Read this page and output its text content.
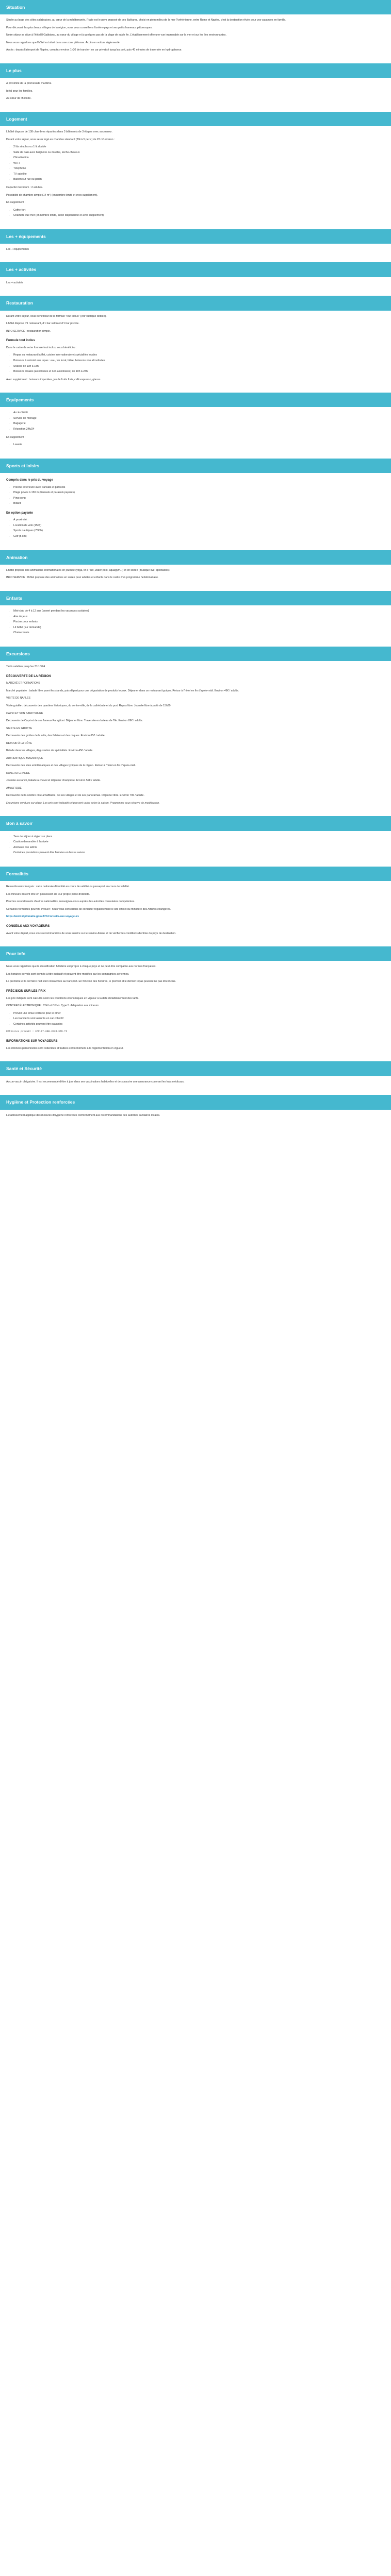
Situation

Située au large des côtes calabraises, au cœur de la méditerranée, l'Italie est le pays proposé de ces Baléares, choisi en plein milieu de la mer Tyrrhénienne, entre Rome et Naples, c'est la destination rêvée pour vos vacances en famille.

Pour découvrir les plus beaux villages de la région, nous vous conseillons l'arrière-pays et ses petits hameaux pittoresques.

Notre séjour se situe à l'hôtel Il Gabbiano, au cœur du village et à quelques pas de la plage de sable fin. L'établissement offre une vue imprenable sur la mer et sur les îles environnantes.

Nous vous rappelons que l'hôtel est situé dans une zone piétonne. Accès en voiture réglementé.

Accès : depuis l'aéroport de Naples, comptez environ 1h30 de transfert en car privatisé jusqu'au port, puis 40 minutes de traversée en hydroglisseur.

Le plus

A proximité de la promenade maritime.

Idéal pour les familles.

Au cœur de l'histoire.

Logement

L'hôtel dispose de 138 chambres réparties dans 3 bâtiments de 3 étages avec ascenseur.

Durant votre séjour, vous serez logé en chambre standard (2/4 à 5 pers.) de 22 m² environ :

• 2 lits simples ou 1 lit double
• Salle de bain avec baignoire ou douche, sèche-cheveux
• Climatisation
• Wi-Fi
• Téléphone
• TV satellite
• Balcon sur rue ou jardin

Capacité maximum : 2 adultes.

Possibilité de chambre simple (14 m²) (en nombre limité et avec supplément).

En supplément :

• Coffre-fort
• Chambre vue mer (en nombre limité, selon disponibilité et avec supplément)
Les + équipements

Les + équipements

Les + activités

Les + activités

Restauration

Durant votre séjour, vous bénéficiez de la formule "tout inclus" (voir rubrique dédiée).

L'hôtel dispose d'1 restaurant, d'1 bar salon et d'1 bar piscine.

INFO SERVICE : restauration simple.

Formule tout inclus

Dans le cadre de votre formule tout inclus, vous bénéficiez :

• Repas au restaurant buffet, cuisine internationale et spécialités locales
• Boissons à volonté aux repas : eau, vin local, bière, boissons non alcoolisées
• Snacks de 10h à 18h
• Boissons locales (alcoolisées et non alcoolisées) de 10h à 23h

Avec supplément : boissons importées, jus de fruits frais, café expresso, glaces.

Équipements
• Accès Wi-Fi
• Service de ménage
• Bagagerie
• Réception 24h/24

En supplément :

• Laverie
Sports et loisirs
Compris dans le prix du voyage
• Piscine extérieure avec transats et parasols
• Plage privée à 150 m (transats et parasols payants)
• Ping-pong
• Billard
En option payante
• À proximité :
• Location de vélo (15€/j)
• Sports nautiques (75€/h)
• Golf (5 km)
Animation

L'hôtel propose des animations internationales en journée (yoga, tir à l'arc, water-polo, aquagym...) et en soirée (musique live, spectacles).

INFO SERVICE : l'hôtel propose des animations en soirée pour adultes et enfants dans le cadre d'un programme hebdomadaire.

Enfants
• Mini-club de 4 à 12 ans (ouvert pendant les vacances scolaires)
• Aire de jeux
• Piscine pour enfants
• Lit bébé (sur demande)
• Chaise haute
Excursions

Tarifs valables jusqu'au 31/10/24

DÉCOUVERTE DE LA RÉGION

MARCHÉ ET FORMATIONS

Marché populaire : balade libre parmi les stands, puis départ pour une dégustation de produits locaux. Déjeuner dans un restaurant typique. Retour à l'hôtel en fin d'après-midi. Environ 49€ / adulte.

VISITE DE NAPLES

Visite guidée : découverte des quartiers historiques, du centre-ville, de la cathédrale et du port. Repas libre. Journée libre à partir de 15h30.

CAPRI ET SON SANCTUAIRE

Découverte de Capri et de ses fameux Faraglioni. Déjeuner libre. Traversée en bateau de l'île. Environ 89€ / adulte.

SIESTE EN GROTTE

Découverte des grottes de la côte, des falaises et des criques. Environ 65€ / adulte.

RETOUR À LA CÔTE

Balade dans les villages, dégustation de spécialités. Environ 45€ / adulte.

AUTHENTIQUE MAGNIFIQUE

Découverte des sites emblématiques et des villages typiques de la région. Retour à l'hôtel en fin d'après-midi.

RANCHO GRANDE

Journée au ranch, balade à cheval et déjeuner champêtre. Environ 59€ / adulte.

AMALFIQUE

Découverte de la célèbre côte amalfitaine, de ses villages et de ses panoramas. Déjeuner libre. Environ 79€ / adulte.

Excursions vendues sur place. Les prix sont indicatifs et peuvent varier selon la saison. Programme sous réserve de modification.

Bon à savoir
• Taxe de séjour à régler sur place
• Caution demandée à l'arrivée
• Animaux non admis
• Certaines prestations peuvent être fermées en basse saison
Formalités

Ressortissants français : carte nationale d'identité en cours de validité ou passeport en cours de validité.

Les mineurs doivent être en possession de leur propre pièce d'identité.

Pour les ressortissants d'autres nationalités, renseignez-vous auprès des autorités consulaires compétentes.

Certaines formalités peuvent évoluer : nous vous conseillons de consulter régulièrement le site officiel du ministère des Affaires étrangères.

https://www.diplomatie.gouv.fr/fr/conseils-aux-voyageurs

CONSEILS AUX VOYAGEURS

Avant votre départ, nous vous recommandons de vous inscrire sur le service Ariane et de vérifier les conditions d'entrée du pays de destination.

Pour info

Nous vous rappelons que la classification hôtelière est propre à chaque pays et ne peut être comparée aux normes françaises.

Les horaires de vols sont donnés à titre indicatif et peuvent être modifiés par les compagnies aériennes.

La première et la dernière nuit sont consacrées au transport. En fonction des horaires, le premier et le dernier repas peuvent ne pas être inclus.

PRÉCISION SUR LES PRIX

Les prix indiqués sont calculés selon les conditions économiques en vigueur à la date d'établissement des tarifs.

CONTRAT ÉLECTRONIQUE : CGV et CGVs. Type 5. Adaptation aux mineurs.

• Prévoir une tenue correcte pour le dîner
• Les transferts sont assurés en car collectif
• Certaines activités peuvent être payantes

Référence produit : CAP-IT-GBB-2024-STD-TI

INFORMATIONS SUR VOYAGEURS

Les données personnelles sont collectées et traitées conformément à la réglementation en vigueur.

Santé et Sécurité

Aucun vaccin obligatoire. Il est recommandé d'être à jour dans ses vaccinations habituelles et de souscrire une assurance couvrant les frais médicaux.

Hygiène et Protection renforcées

L'établissement applique des mesures d'hygiène renforcées conformément aux recommandations des autorités sanitaires locales.
